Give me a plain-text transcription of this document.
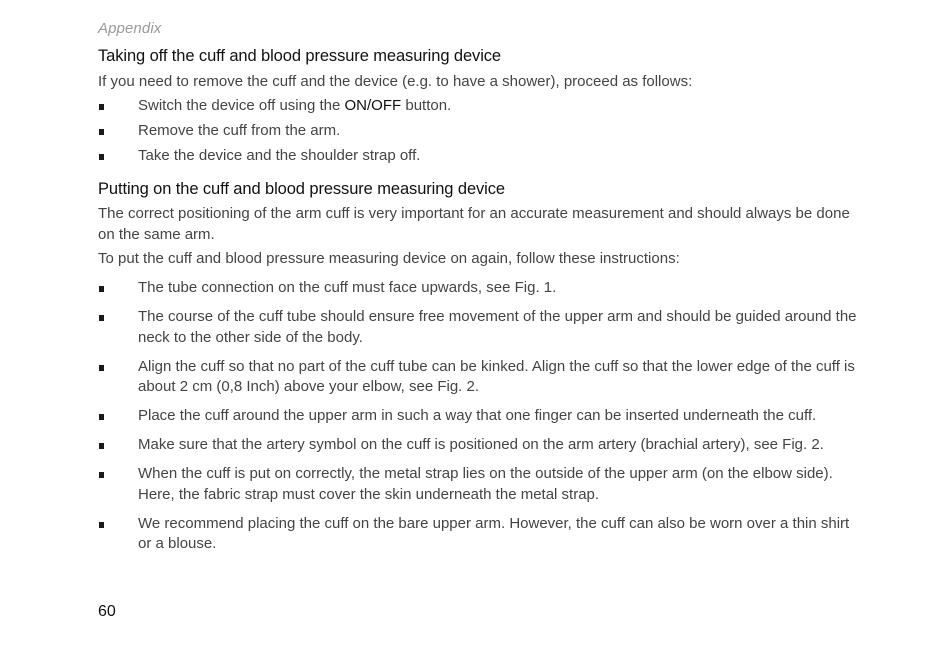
Appendix
Taking off the cuff and blood pressure measuring device

If you need to remove the cuff and the device (e.g. to have a shower), proceed as follows:

Switch the device off using the ON/OFF button.
Remove the cuff from the arm.
Take the device and the shoulder strap off.
Putting on the cuff and blood pressure measuring device

The correct positioning of the arm cuff is very important for an accurate measurement and should always be done on the same arm.

To put the cuff and blood pressure measuring device on again, follow these instructions:

The tube connection on the cuff must face upwards, see Fig. 1.
The course of the cuff tube should ensure free movement of the upper arm and should be guided around the neck to the other side of the body.
Align the cuff so that no part of the cuff tube can be kinked. Align the cuff so that the lower edge of the cuff is about 2 cm (0,8 Inch) above your elbow, see Fig. 2.
Place the cuff around the upper arm in such a way that one finger can be inserted underneath the cuff.
Make sure that the artery symbol on the cuff is positioned on the arm artery (brachial artery), see Fig. 2.
When the cuff is put on correctly, the metal strap lies on the outside of the upper arm (on the elbow side). Here, the fabric strap must cover the skin underneath the metal strap.
We recommend placing the cuff on the bare upper arm. However, the cuff can also be worn over a thin shirt or a blouse.
60
